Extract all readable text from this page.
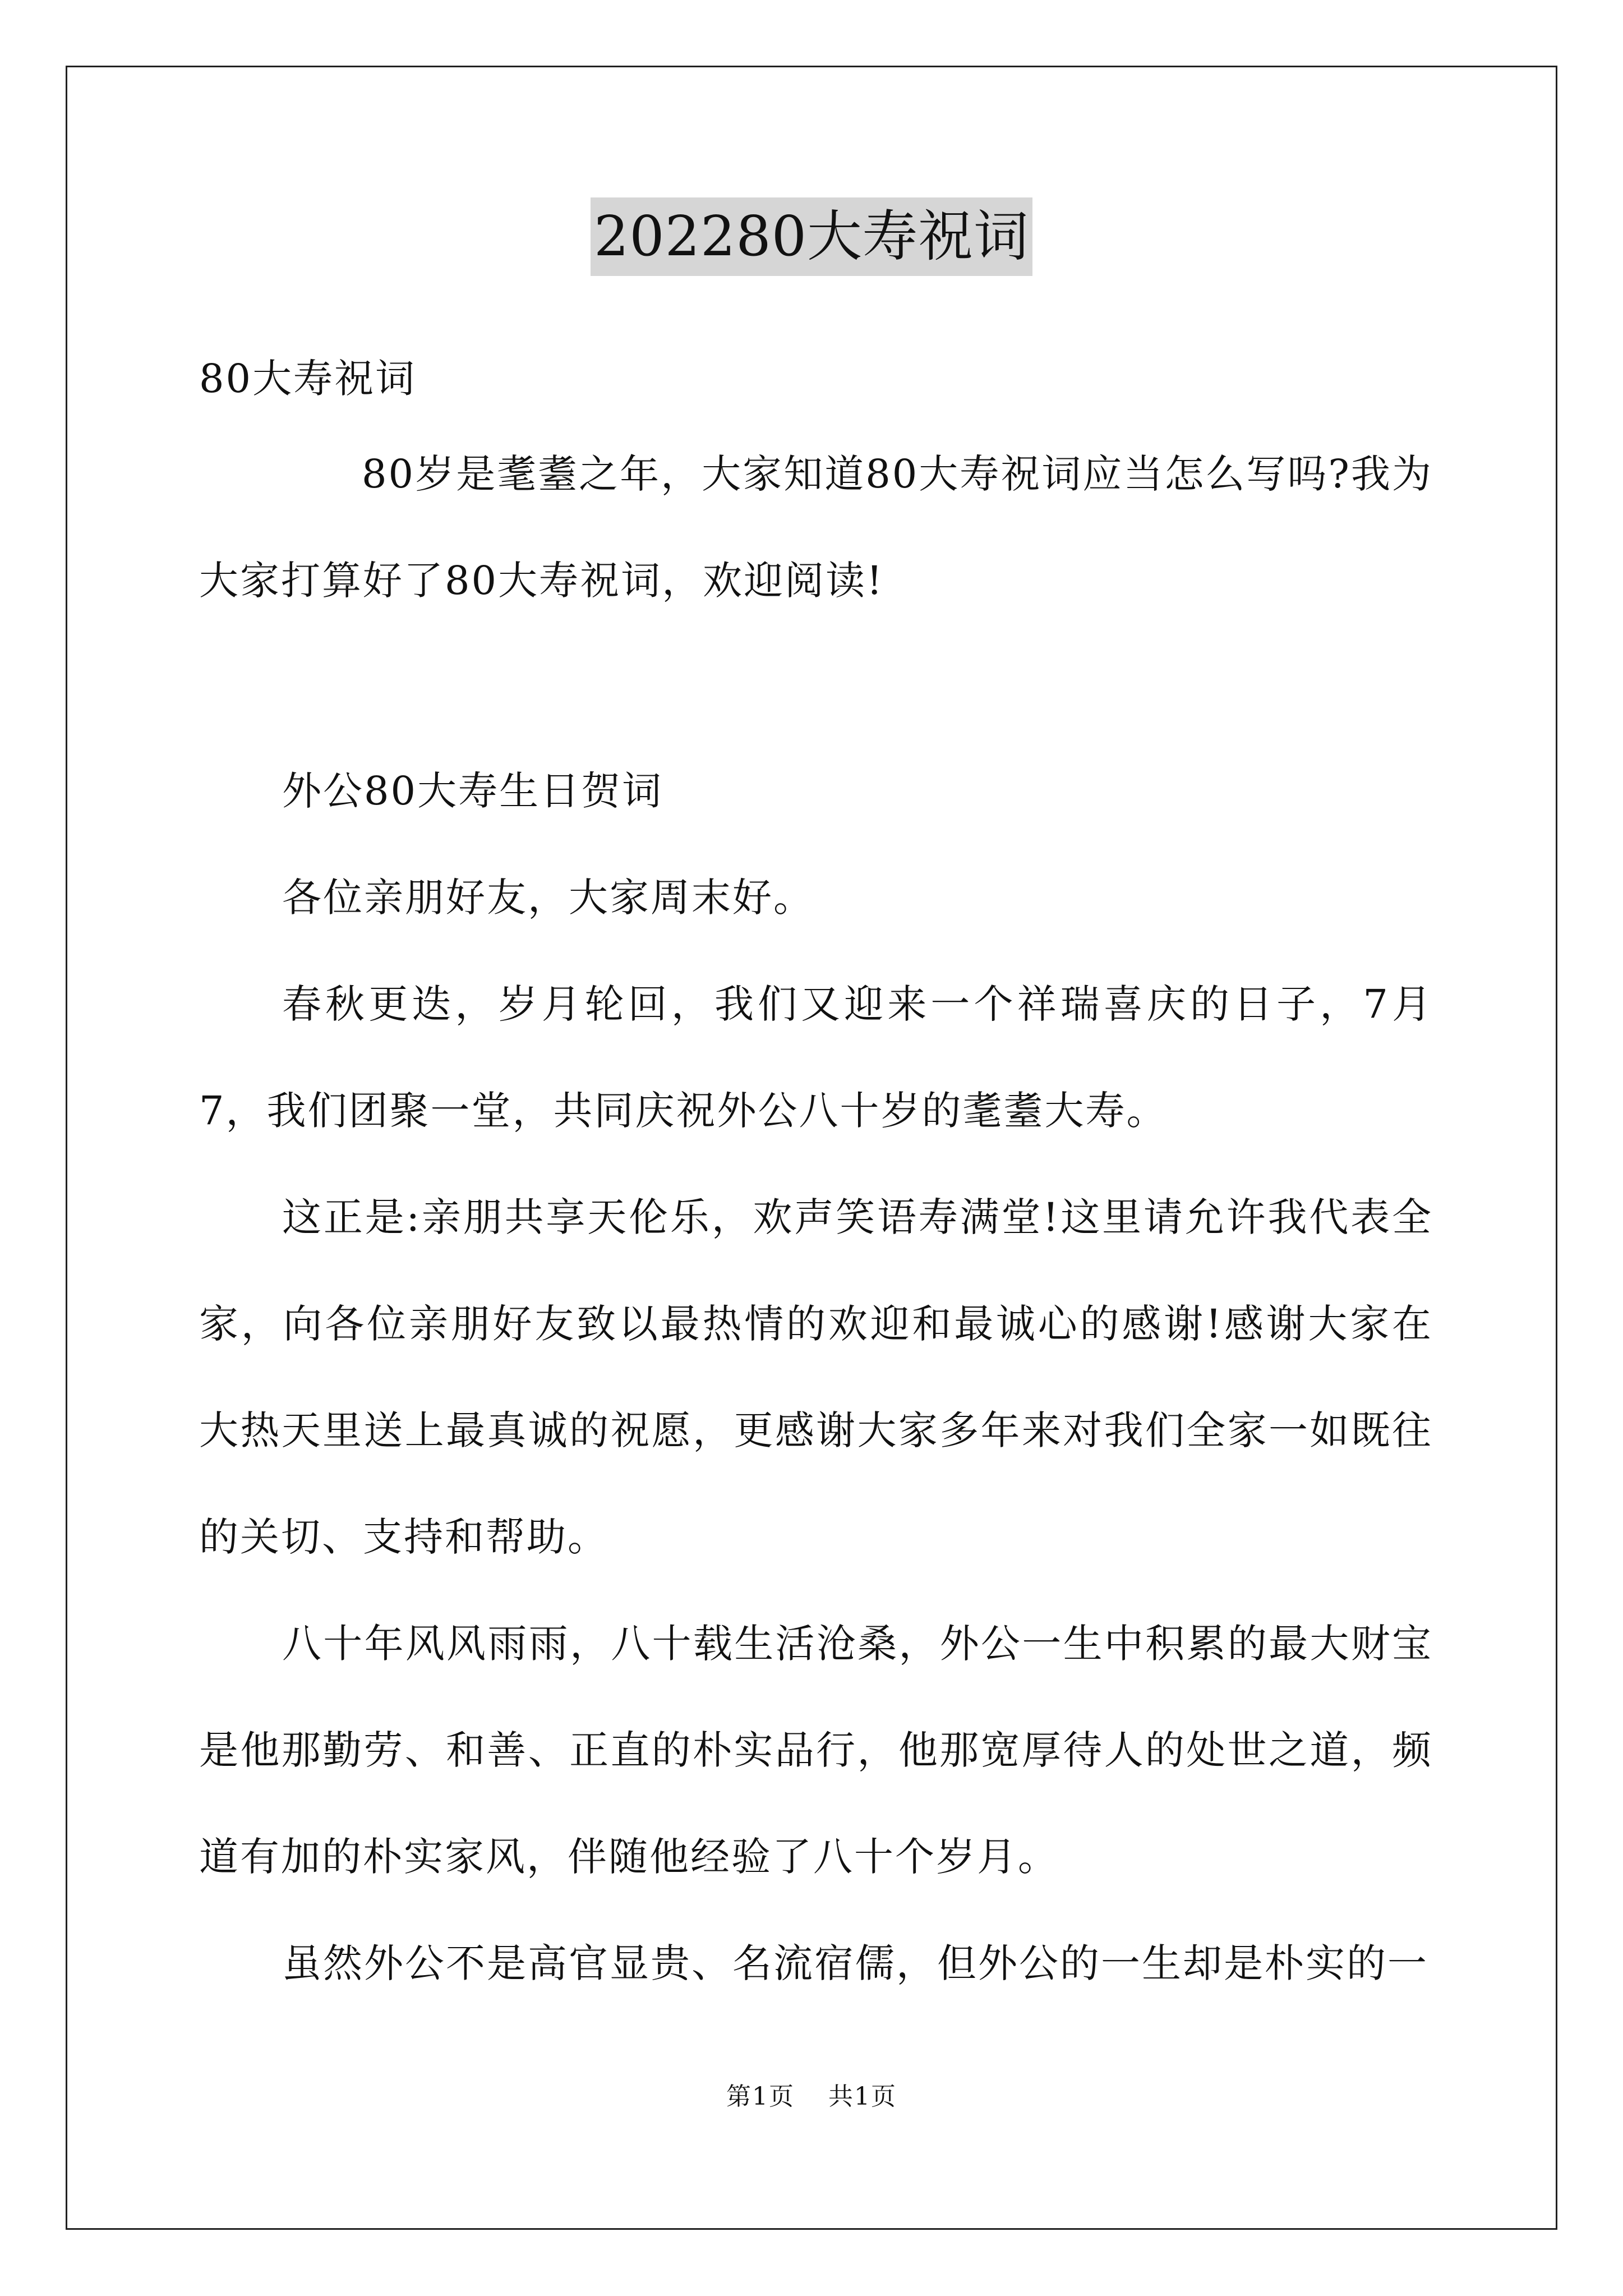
202280大寿祝词

80大寿祝词

80岁是耄耋之年，大家知道80大寿祝词应当怎么写吗?我为大家打算好了80大寿祝词，欢迎阅读!

外公80大寿生日贺词

各位亲朋好友，大家周末好。

春秋更迭，岁月轮回，我们又迎来一个祥瑞喜庆的日子，7月7，我们团聚一堂，共同庆祝外公八十岁的耄耋大寿。

这正是:亲朋共享天伦乐，欢声笑语寿满堂!这里请允许我代表全家，向各位亲朋好友致以最热情的欢迎和最诚心的感谢!感谢大家在大热天里送上最真诚的祝愿，更感谢大家多年来对我们全家一如既往的关切、支持和帮助。

八十年风风雨雨，八十载生活沧桑，外公一生中积累的最大财宝是他那勤劳、和善、正直的朴实品行，他那宽厚待人的处世之道，频道有加的朴实家风，伴随他经验了八十个岁月。

虽然外公不是高官显贵、名流宿儒，但外公的一生却是朴实的一

第1页 共1页
